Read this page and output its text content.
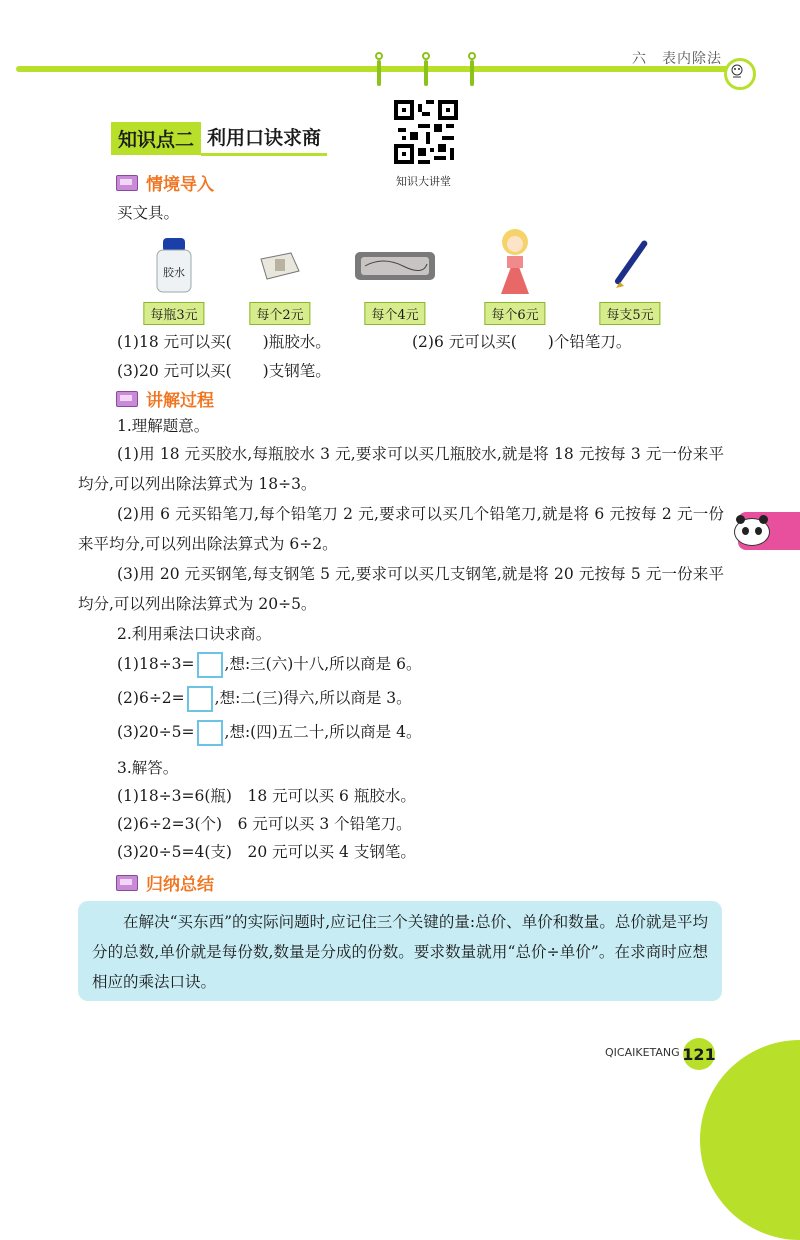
六　表内除法
知识点二 利用口诀求商
知识大讲堂
情境导入
买文具。
胶水
每瓶3元	每个2元	每个4元	每个6元	每支5元
(1)18 元可以买(　　)瓶胶水。	(2)6 元可以买(　　)个铅笔刀。
(3)20 元可以买(　　)支钢笔。
讲解过程
1.理解题意。
(1)用 18 元买胶水,每瓶胶水 3 元,要求可以买几瓶胶水,就是将 18 元按每 3 元一份来平均分,可以列出除法算式为 18÷3。
(2)用 6 元买铅笔刀,每个铅笔刀 2 元,要求可以买几个铅笔刀,就是将 6 元按每 2 元一份来平均分,可以列出除法算式为 6÷2。
(3)用 20 元买钢笔,每支钢笔 5 元,要求可以买几支钢笔,就是将 20 元按每 5 元一份来平均分,可以列出除法算式为 20÷5。
2.利用乘法口诀求商。
(1)18÷3= ,想:三(六)十八,所以商是 6。
(2)6÷2= ,想:二(三)得六,所以商是 3。
(3)20÷5= ,想:(四)五二十,所以商是 4。
3.解答。
(1)18÷3=6(瓶)　18 元可以买 6 瓶胶水。
(2)6÷2=3(个)　6 元可以买 3 个铅笔刀。
(3)20÷5=4(支)　20 元可以买 4 支钢笔。
归纳总结

在解决“买东西”的实际问题时,应记住三个关键的量:总价、单价和数量。总价就是平均分的总数,单价就是每份数,数量是分成的份数。要求数量就用“总价÷单价”。在求商时应想相应的乘法口诀。

QICAIKETANG 121
